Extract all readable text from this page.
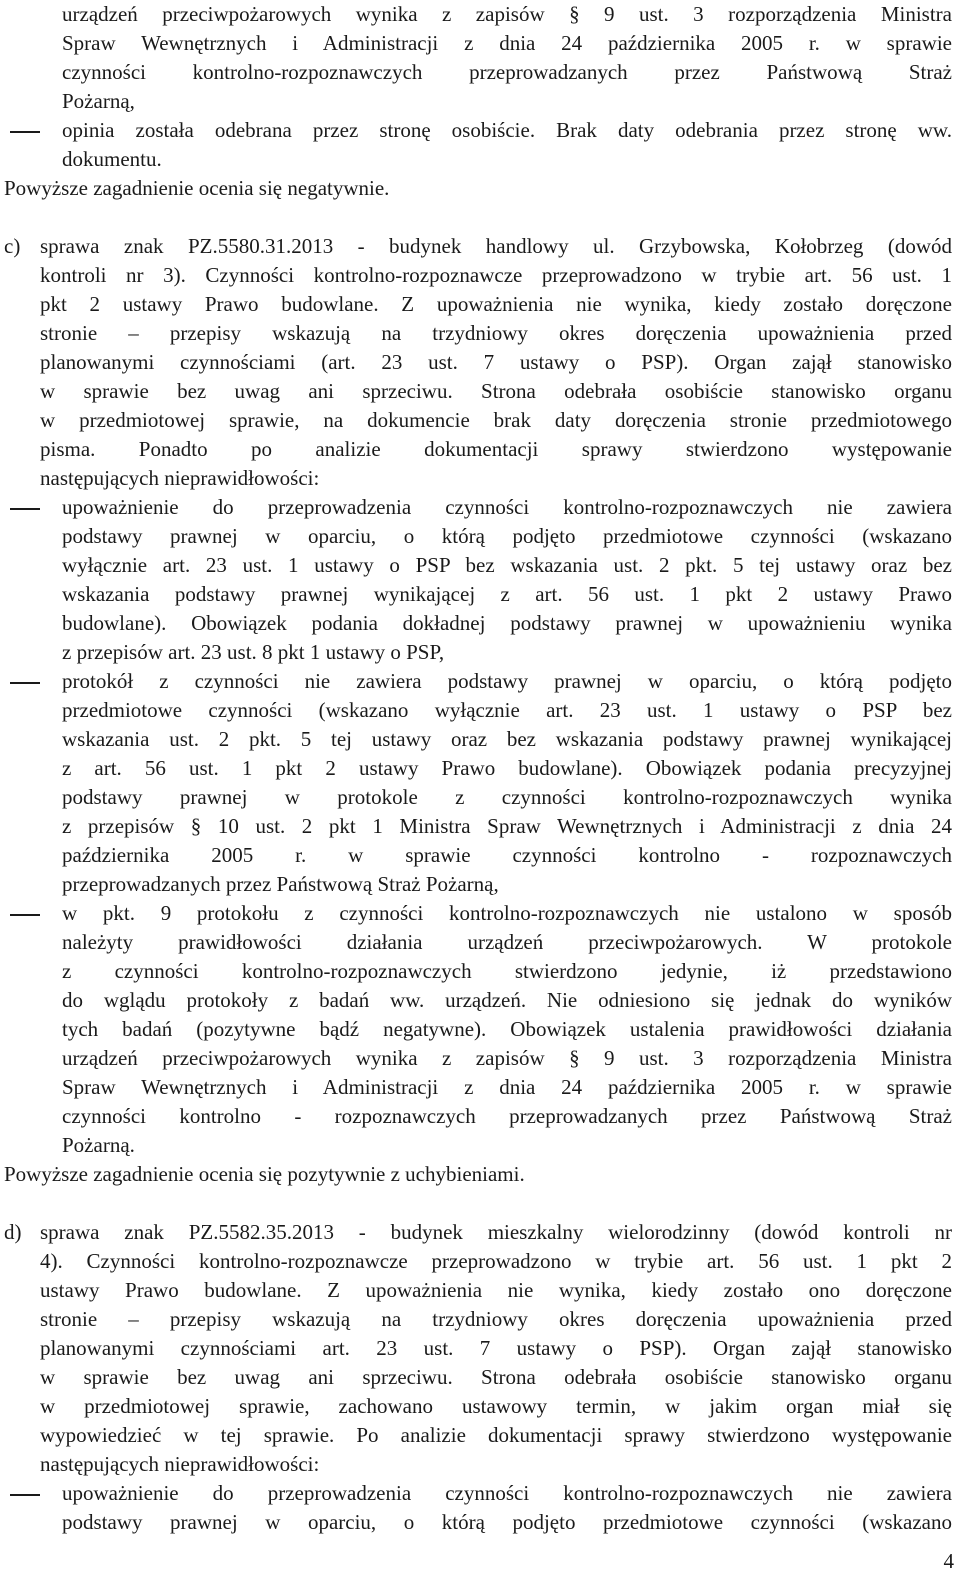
urządzeń przeciwpożarowych wynika z zapisów § 9 ust. 3 rozporządzenia Ministra
Spraw Wewnętrznych i Administracji z dnia 24 października 2005 r. w sprawie
czynności kontrolno-rozpoznawczych przeprowadzanych przez Państwową Straż
Pożarną,
opinia została odebrana przez stronę osobiście. Brak daty odebrania przez stronę ww.
dokumentu.
Powyższe zagadnienie ocenia się negatywnie.
c) sprawa znak PZ.5580.31.2013 - budynek handlowy ul. Grzybowska, Kołobrzeg (dowód
kontroli nr 3). Czynności kontrolno-rozpoznawcze przeprowadzono w trybie art. 56 ust. 1
pkt 2 ustawy Prawo budowlane. Z upoważnienia nie wynika, kiedy zostało doręczone
stronie – przepisy wskazują na trzydniowy okres doręczenia upoważnienia przed
planowanymi czynnościami (art. 23 ust. 7 ustawy o PSP). Organ zajął stanowisko
w sprawie bez uwag ani sprzeciwu. Strona odebrała osobiście stanowisko organu
w przedmiotowej sprawie, na dokumencie brak daty doręczenia stronie przedmiotowego
pisma. Ponadto po analizie dokumentacji sprawy stwierdzono występowanie
następujących nieprawidłowości:
upoważnienie do przeprowadzenia czynności kontrolno-rozpoznawczych nie zawiera
podstawy prawnej w oparciu, o którą podjęto przedmiotowe czynności (wskazano
wyłącznie art. 23 ust. 1 ustawy o PSP bez wskazania ust. 2 pkt. 5 tej ustawy oraz bez
wskazania podstawy prawnej wynikającej z art. 56 ust. 1 pkt 2 ustawy Prawo
budowlane). Obowiązek podania dokładnej podstawy prawnej w upoważnieniu wynika
z przepisów art. 23 ust. 8 pkt 1 ustawy o PSP,
protokół z czynności nie zawiera podstawy prawnej w oparciu, o którą podjęto
przedmiotowe czynności (wskazano wyłącznie art. 23 ust. 1 ustawy o PSP bez
wskazania ust. 2 pkt. 5 tej ustawy oraz bez wskazania podstawy prawnej wynikającej
z art. 56 ust. 1 pkt 2 ustawy Prawo budowlane). Obowiązek podania precyzyjnej
podstawy prawnej w protokole z czynności kontrolno-rozpoznawczych wynika
z przepisów § 10 ust. 2 pkt 1 Ministra Spraw Wewnętrznych i Administracji z dnia 24
października 2005 r. w sprawie czynności kontrolno - rozpoznawczych
przeprowadzanych przez Państwową Straż Pożarną,
w pkt. 9 protokołu z czynności kontrolno-rozpoznawczych nie ustalono w sposób
należyty prawidłowości działania urządzeń przeciwpożarowych. W protokole
z czynności kontrolno-rozpoznawczych stwierdzono jedynie, iż przedstawiono
do wglądu protokoły z badań ww. urządzeń. Nie odniesiono się jednak do wyników
tych badań (pozytywne bądź negatywne). Obowiązek ustalenia prawidłowości działania
urządzeń przeciwpożarowych wynika z zapisów § 9 ust. 3 rozporządzenia Ministra
Spraw Wewnętrznych i Administracji z dnia 24 października 2005 r. w sprawie
czynności kontrolno - rozpoznawczych przeprowadzanych przez Państwową Straż
Pożarną.
Powyższe zagadnienie ocenia się pozytywnie z uchybieniami.
d) sprawa znak PZ.5582.35.2013 - budynek mieszkalny wielorodzinny (dowód kontroli nr
4). Czynności kontrolno-rozpoznawcze przeprowadzono w trybie art. 56 ust. 1 pkt 2
ustawy Prawo budowlane. Z upoważnienia nie wynika, kiedy zostało ono doręczone
stronie – przepisy wskazują na trzydniowy okres doręczenia upoważnienia przed
planowanymi czynnościami art. 23 ust. 7 ustawy o PSP). Organ zajął stanowisko
w sprawie bez uwag ani sprzeciwu. Strona odebrała osobiście stanowisko organu
w przedmiotowej sprawie, zachowano ustawowy termin, w jakim organ miał się
wypowiedzieć w tej sprawie. Po analizie dokumentacji sprawy stwierdzono występowanie
następujących nieprawidłowości:
upoważnienie do przeprowadzenia czynności kontrolno-rozpoznawczych nie zawiera
podstawy prawnej w oparciu, o którą podjęto przedmiotowe czynności (wskazano
4
